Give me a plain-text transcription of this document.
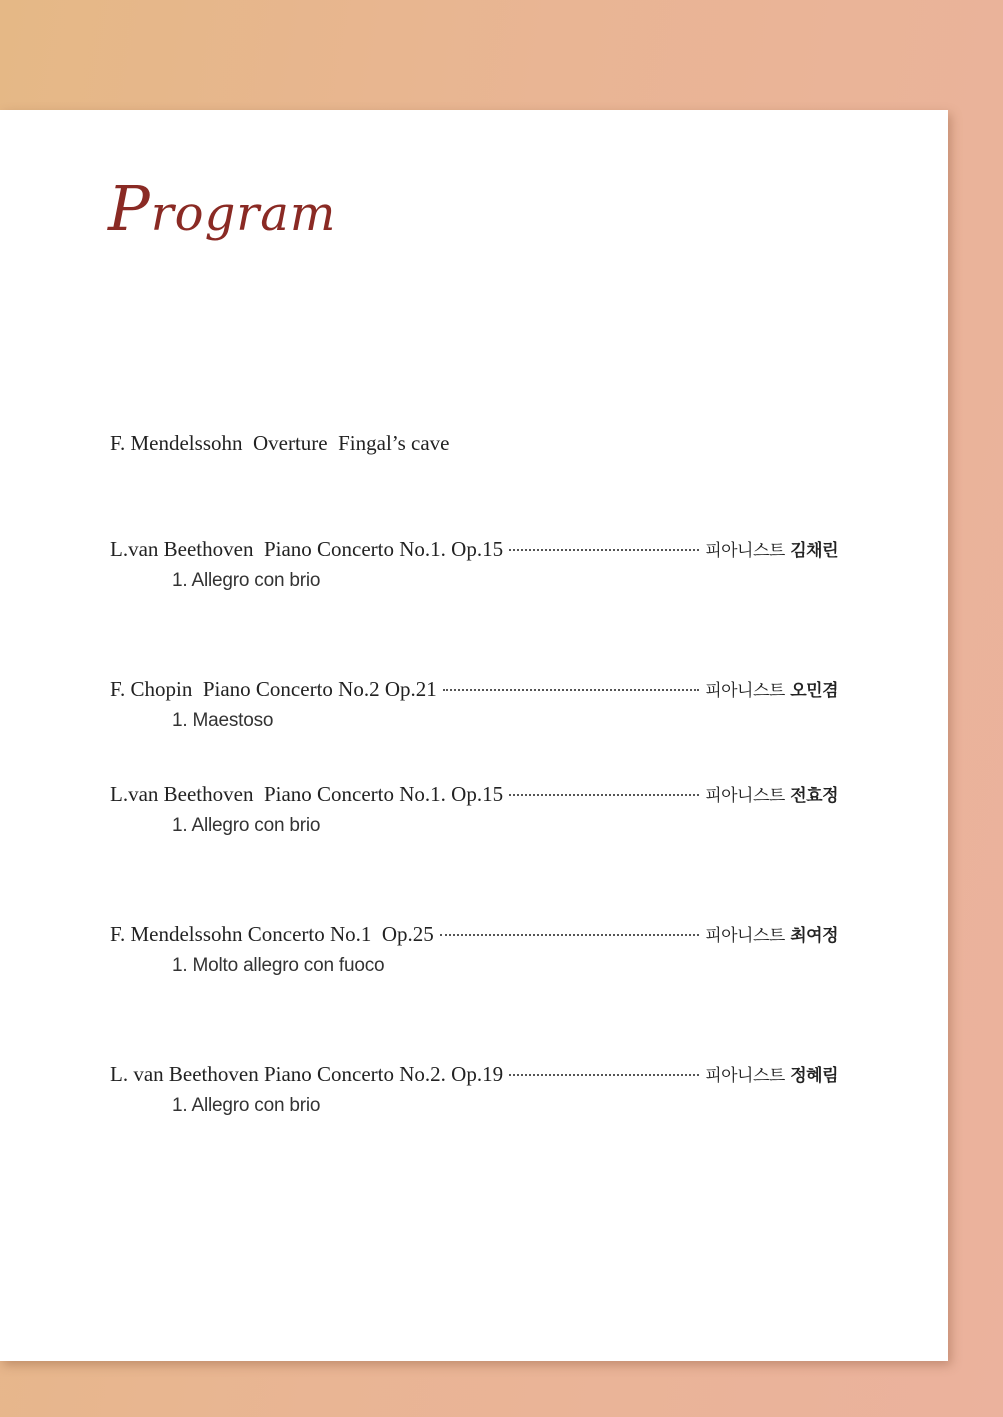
Program
F. Mendelssohn  Overture  Fingal’s cave
L.van Beethoven  Piano Concerto No.1. Op.15	피아니스트 김채린
1. Allegro con brio
F. Chopin  Piano Concerto No.2 Op.21	피아니스트 오민겸
1. Maestoso
L.van Beethoven  Piano Concerto No.1. Op.15	피아니스트 전효정
1. Allegro con brio
F. Mendelssohn Concerto No.1  Op.25	피아니스트 최여정
1. Molto allegro con fuoco
L. van Beethoven Piano Concerto No.2. Op.19	피아니스트 정혜림
1. Allegro con brio
